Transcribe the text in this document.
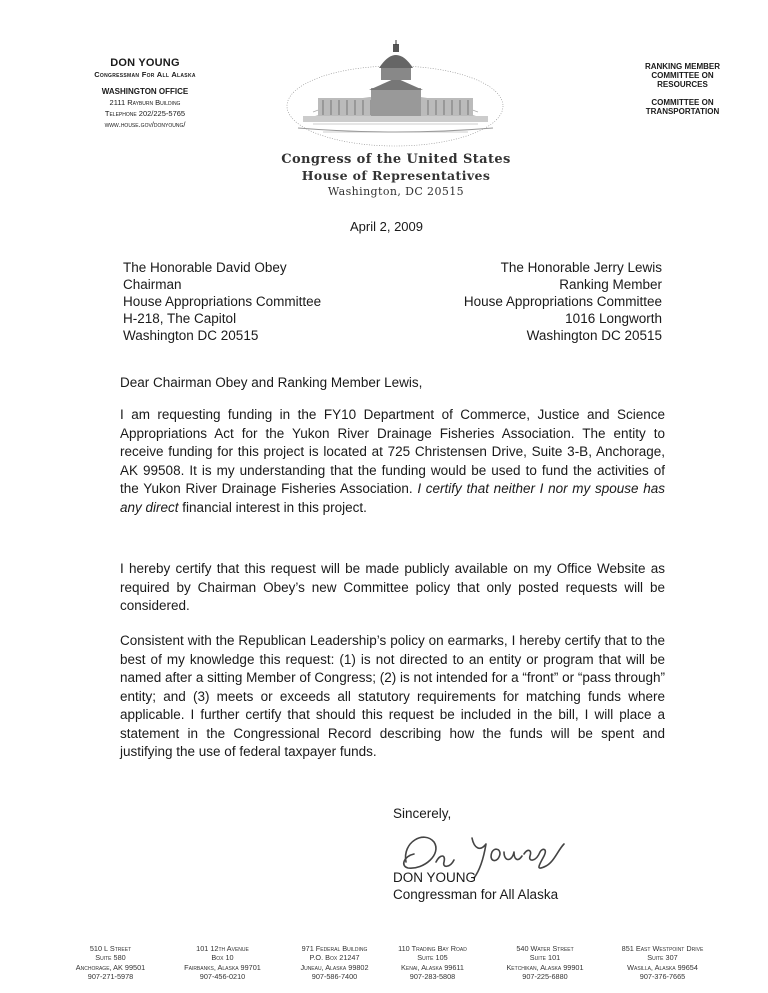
DON YOUNG
Congressman For All Alaska
WASHINGTON OFFICE
2111 Rayburn Building
Telephone 202/225-5765
www.house.gov/donyoung/
RANKING MEMBER
COMMITTEE ON
RESOURCES
COMMITTEE ON
TRANSPORTATION
Congress of the United States
House of Representatives
Washington, DC 20515
April 2, 2009
The Honorable David Obey
Chairman
House Appropriations Committee
H-218, The Capitol
Washington DC 20515
The Honorable Jerry Lewis
Ranking Member
House Appropriations Committee
1016 Longworth
Washington DC 20515
Dear Chairman Obey and Ranking Member Lewis,
I am requesting funding in the FY10 Department of Commerce, Justice and Science Appropriations Act for the Yukon River Drainage Fisheries Association. The entity to receive funding for this project is located at 725 Christensen Drive, Suite 3-B, Anchorage, AK 99508. It is my understanding that the funding would be used to fund the activities of the Yukon River Drainage Fisheries Association. I certify that neither I nor my spouse has any direct financial interest in this project.
I hereby certify that this request will be made publicly available on my Office Website as required by Chairman Obey’s new Committee policy that only posted requests will be considered.
Consistent with the Republican Leadership’s policy on earmarks, I hereby certify that to the best of my knowledge this request: (1) is not directed to an entity or program that will be named after a sitting Member of Congress; (2) is not intended for a “front” or “pass through” entity; and (3) meets or exceeds all statutory requirements for matching funds where applicable. I further certify that should this request be included in the bill, I will place a statement in the Congressional Record describing how the funds will be spent and justifying the use of federal taxpayer funds.
Sincerely,
DON YOUNG
Congressman for All Alaska
510 L Street
Suite 580
Anchorage, AK 99501
907-271-5978
101 12th Avenue
Box 10
Fairbanks, Alaska 99701
907-456-0210
971 Federal Building
P.O. Box 21247
Juneau, Alaska 99802
907-586-7400
110 Trading Bay Road
Suite 105
Kenai, Alaska 99611
907-283-5808
540 Water Street
Suite 101
Ketchikan, Alaska 99901
907-225-6880
851 East Westpoint Drive
Suite 307
Wasilla, Alaska 99654
907-376-7665
